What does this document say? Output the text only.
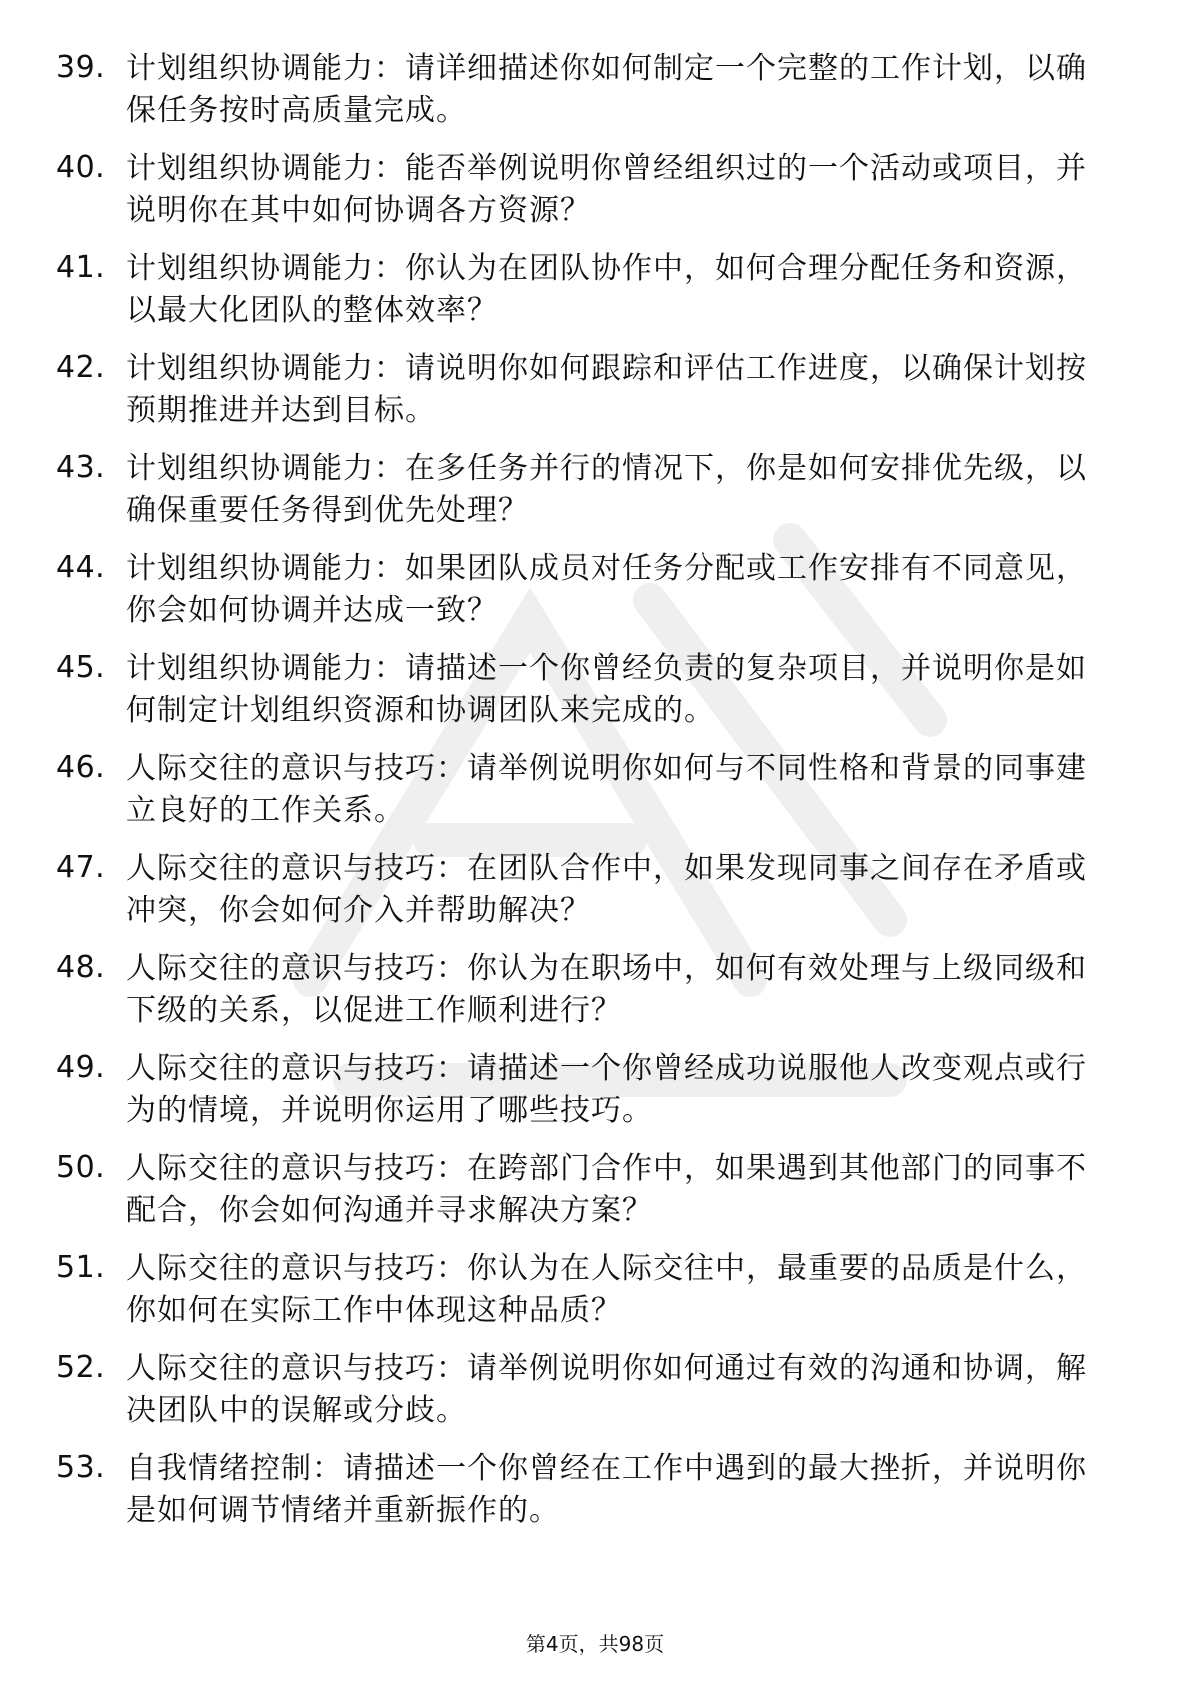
39. 计划组织协调能力：请详细描述你如何制定一个完整的工作计划，以确保任务按时高质量完成。
40. 计划组织协调能力：能否举例说明你曾经组织过的一个活动或项目，并说明你在其中如何协调各方资源？
41. 计划组织协调能力：你认为在团队协作中，如何合理分配任务和资源，以最大化团队的整体效率？
42. 计划组织协调能力：请说明你如何跟踪和评估工作进度，以确保计划按预期推进并达到目标。
43. 计划组织协调能力：在多任务并行的情况下，你是如何安排优先级，以确保重要任务得到优先处理？
44. 计划组织协调能力：如果团队成员对任务分配或工作安排有不同意见，你会如何协调并达成一致？
45. 计划组织协调能力：请描述一个你曾经负责的复杂项目，并说明你是如何制定计划组织资源和协调团队来完成的。
46. 人际交往的意识与技巧：请举例说明你如何与不同性格和背景的同事建立良好的工作关系。
47. 人际交往的意识与技巧：在团队合作中，如果发现同事之间存在矛盾或冲突，你会如何介入并帮助解决？
48. 人际交往的意识与技巧：你认为在职场中，如何有效处理与上级同级和下级的关系，以促进工作顺利进行？
49. 人际交往的意识与技巧：请描述一个你曾经成功说服他人改变观点或行为的情境，并说明你运用了哪些技巧。
50. 人际交往的意识与技巧：在跨部门合作中，如果遇到其他部门的同事不配合，你会如何沟通并寻求解决方案？
51. 人际交往的意识与技巧：你认为在人际交往中，最重要的品质是什么，你如何在实际工作中体现这种品质？
52. 人际交往的意识与技巧：请举例说明你如何通过有效的沟通和协调，解决团队中的误解或分歧。
53. 自我情绪控制：请描述一个你曾经在工作中遇到的最大挫折，并说明你是如何调节情绪并重新振作的。
第4页，共98页
